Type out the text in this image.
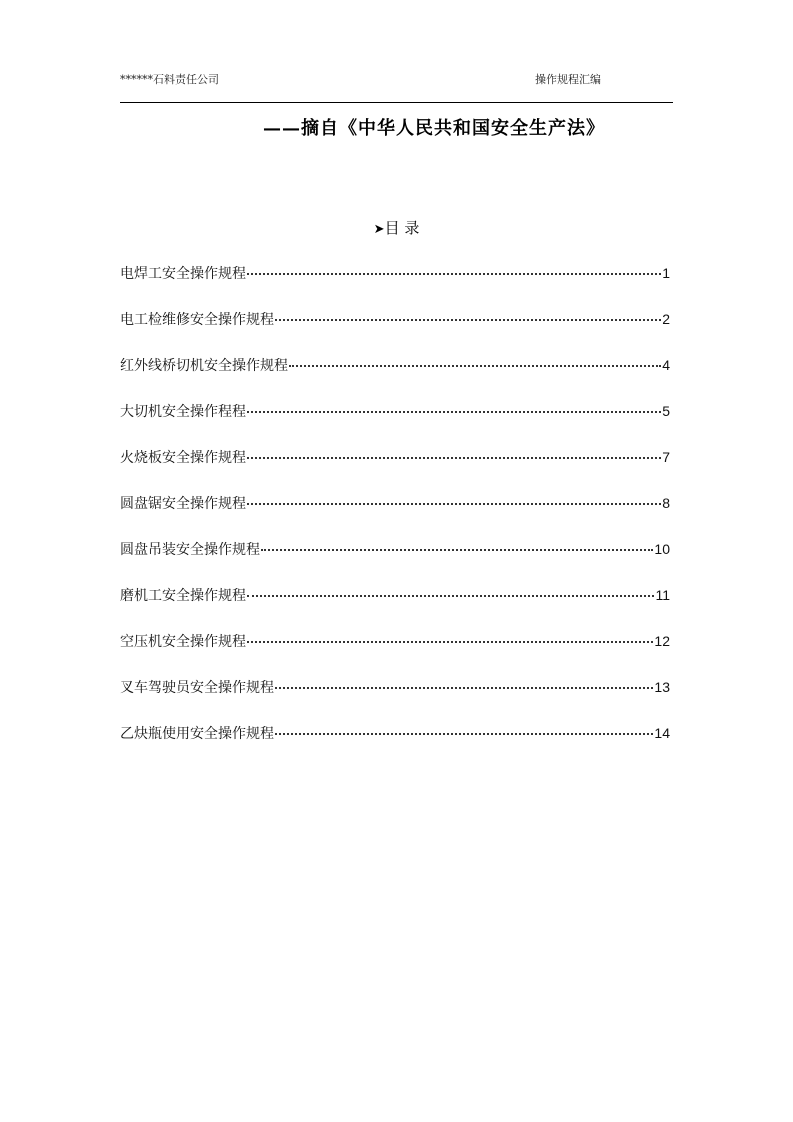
******石料责任公司	操作规程汇编
——摘自《中华人民共和国安全生产法》
➤目 录
电焊工安全操作规程	1
电工检维修安全操作规程	2
红外线桥切机安全操作规程	4
大切机安全操作程程	5
火烧板安全操作规程	7
圆盘锯安全操作规程	8
圆盘吊装安全操作规程	10
磨机工安全操作规程	11
空压机安全操作规程	12
叉车驾驶员安全操作规程	13
乙炔瓶使用安全操作规程	14
